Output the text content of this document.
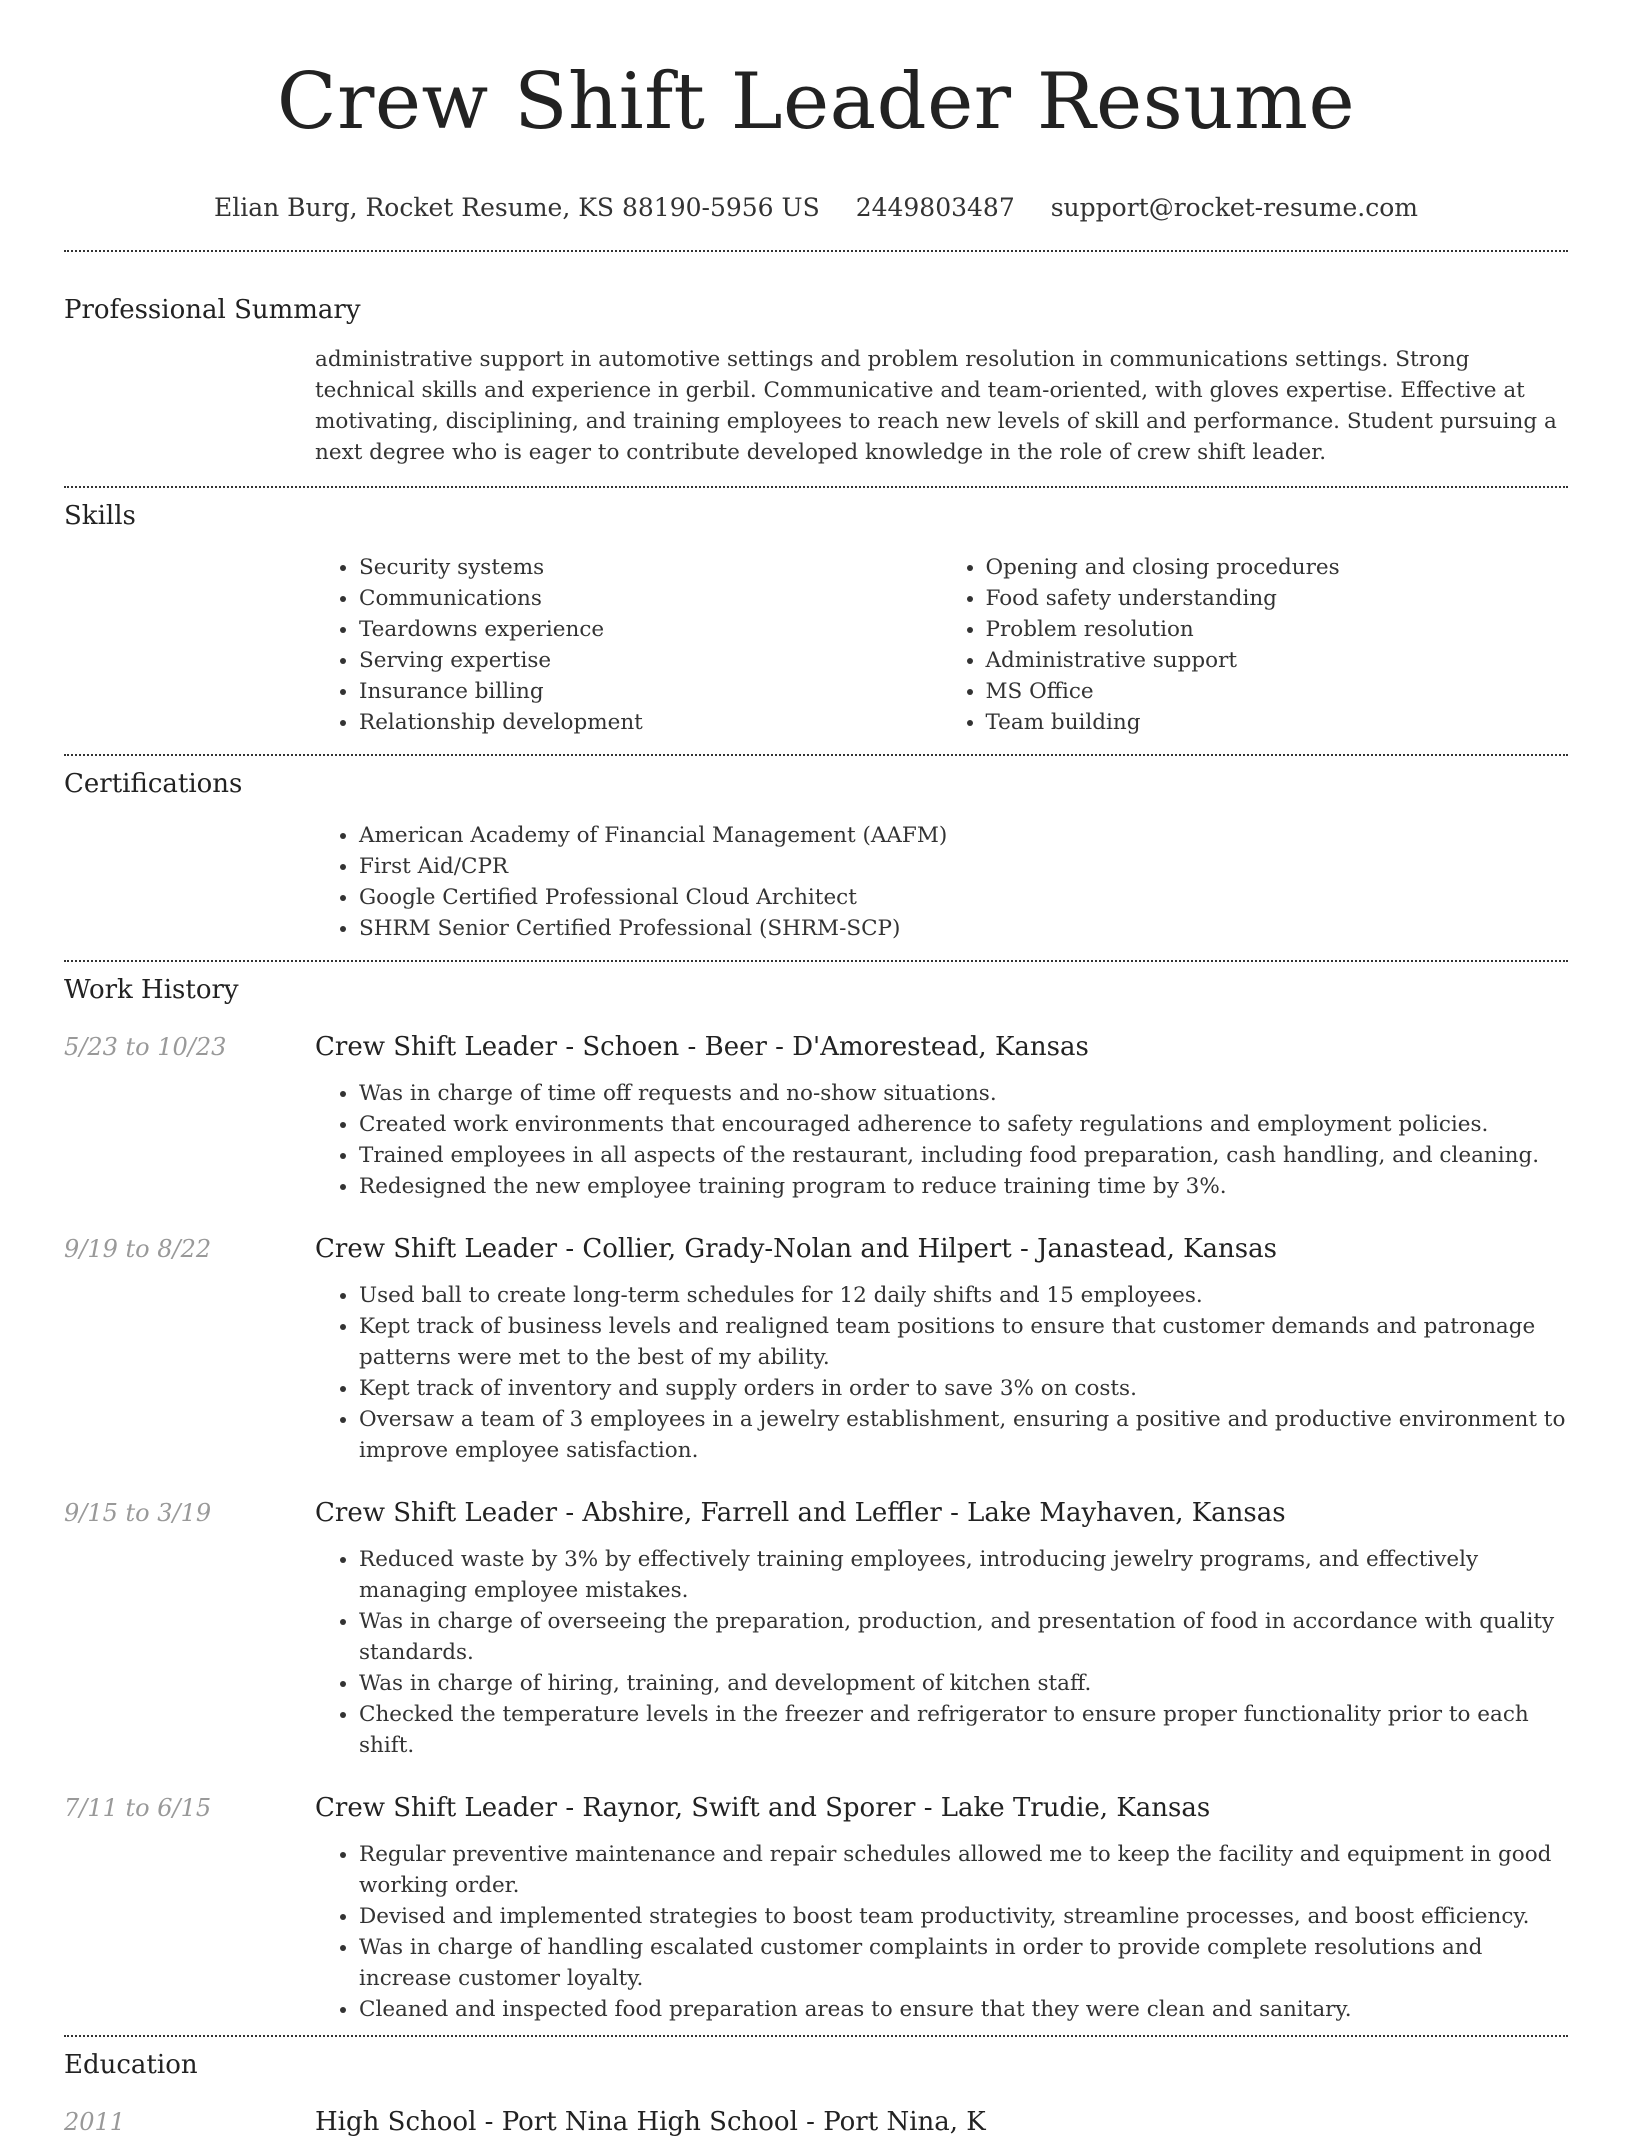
Crew Shift Leader Resume
Elian Burg, Rocket Resume, KS 88190-5956 US 2449803487 support@rocket-resume.com
Professional Summary
administrative support in automotive settings and problem resolution in communications settings. Strong technical skills and experience in gerbil. Communicative and team-oriented, with gloves expertise. Effective at motivating, disciplining, and training employees to reach new levels of skill and performance. Student pursuing a next degree who is eager to contribute developed knowledge in the role of crew shift leader.
Skills
• Security systems
• Communications
• Teardowns experience
• Serving expertise
• Insurance billing
• Relationship development
• Opening and closing procedures
• Food safety understanding
• Problem resolution
• Administrative support
• MS Office
• Team building
Certifications
• American Academy of Financial Management (AAFM)
• First Aid/CPR
• Google Certified Professional Cloud Architect
• SHRM Senior Certified Professional (SHRM-SCP)
Work History
5/23 to 10/23	Crew Shift Leader - Schoen - Beer - D'Amorestead, Kansas
• Was in charge of time off requests and no-show situations.
• Created work environments that encouraged adherence to safety regulations and employment policies.
• Trained employees in all aspects of the restaurant, including food preparation, cash handling, and cleaning.
• Redesigned the new employee training program to reduce training time by 3%.
9/19 to 8/22	Crew Shift Leader - Collier, Grady-Nolan and Hilpert - Janastead, Kansas
• Used ball to create long-term schedules for 12 daily shifts and 15 employees.
• Kept track of business levels and realigned team positions to ensure that customer demands and patronage patterns were met to the best of my ability.
• Kept track of inventory and supply orders in order to save 3% on costs.
• Oversaw a team of 3 employees in a jewelry establishment, ensuring a positive and productive environment to improve employee satisfaction.
9/15 to 3/19	Crew Shift Leader - Abshire, Farrell and Leffler - Lake Mayhaven, Kansas
• Reduced waste by 3% by effectively training employees, introducing jewelry programs, and effectively managing employee mistakes.
• Was in charge of overseeing the preparation, production, and presentation of food in accordance with quality standards.
• Was in charge of hiring, training, and development of kitchen staff.
• Checked the temperature levels in the freezer and refrigerator to ensure proper functionality prior to each shift.
7/11 to 6/15	Crew Shift Leader - Raynor, Swift and Sporer - Lake Trudie, Kansas
• Regular preventive maintenance and repair schedules allowed me to keep the facility and equipment in good working order.
• Devised and implemented strategies to boost team productivity, streamline processes, and boost efficiency.
• Was in charge of handling escalated customer complaints in order to provide complete resolutions and increase customer loyalty.
• Cleaned and inspected food preparation areas to ensure that they were clean and sanitary.
Education
2011	High School - Port Nina High School - Port Nina, K
